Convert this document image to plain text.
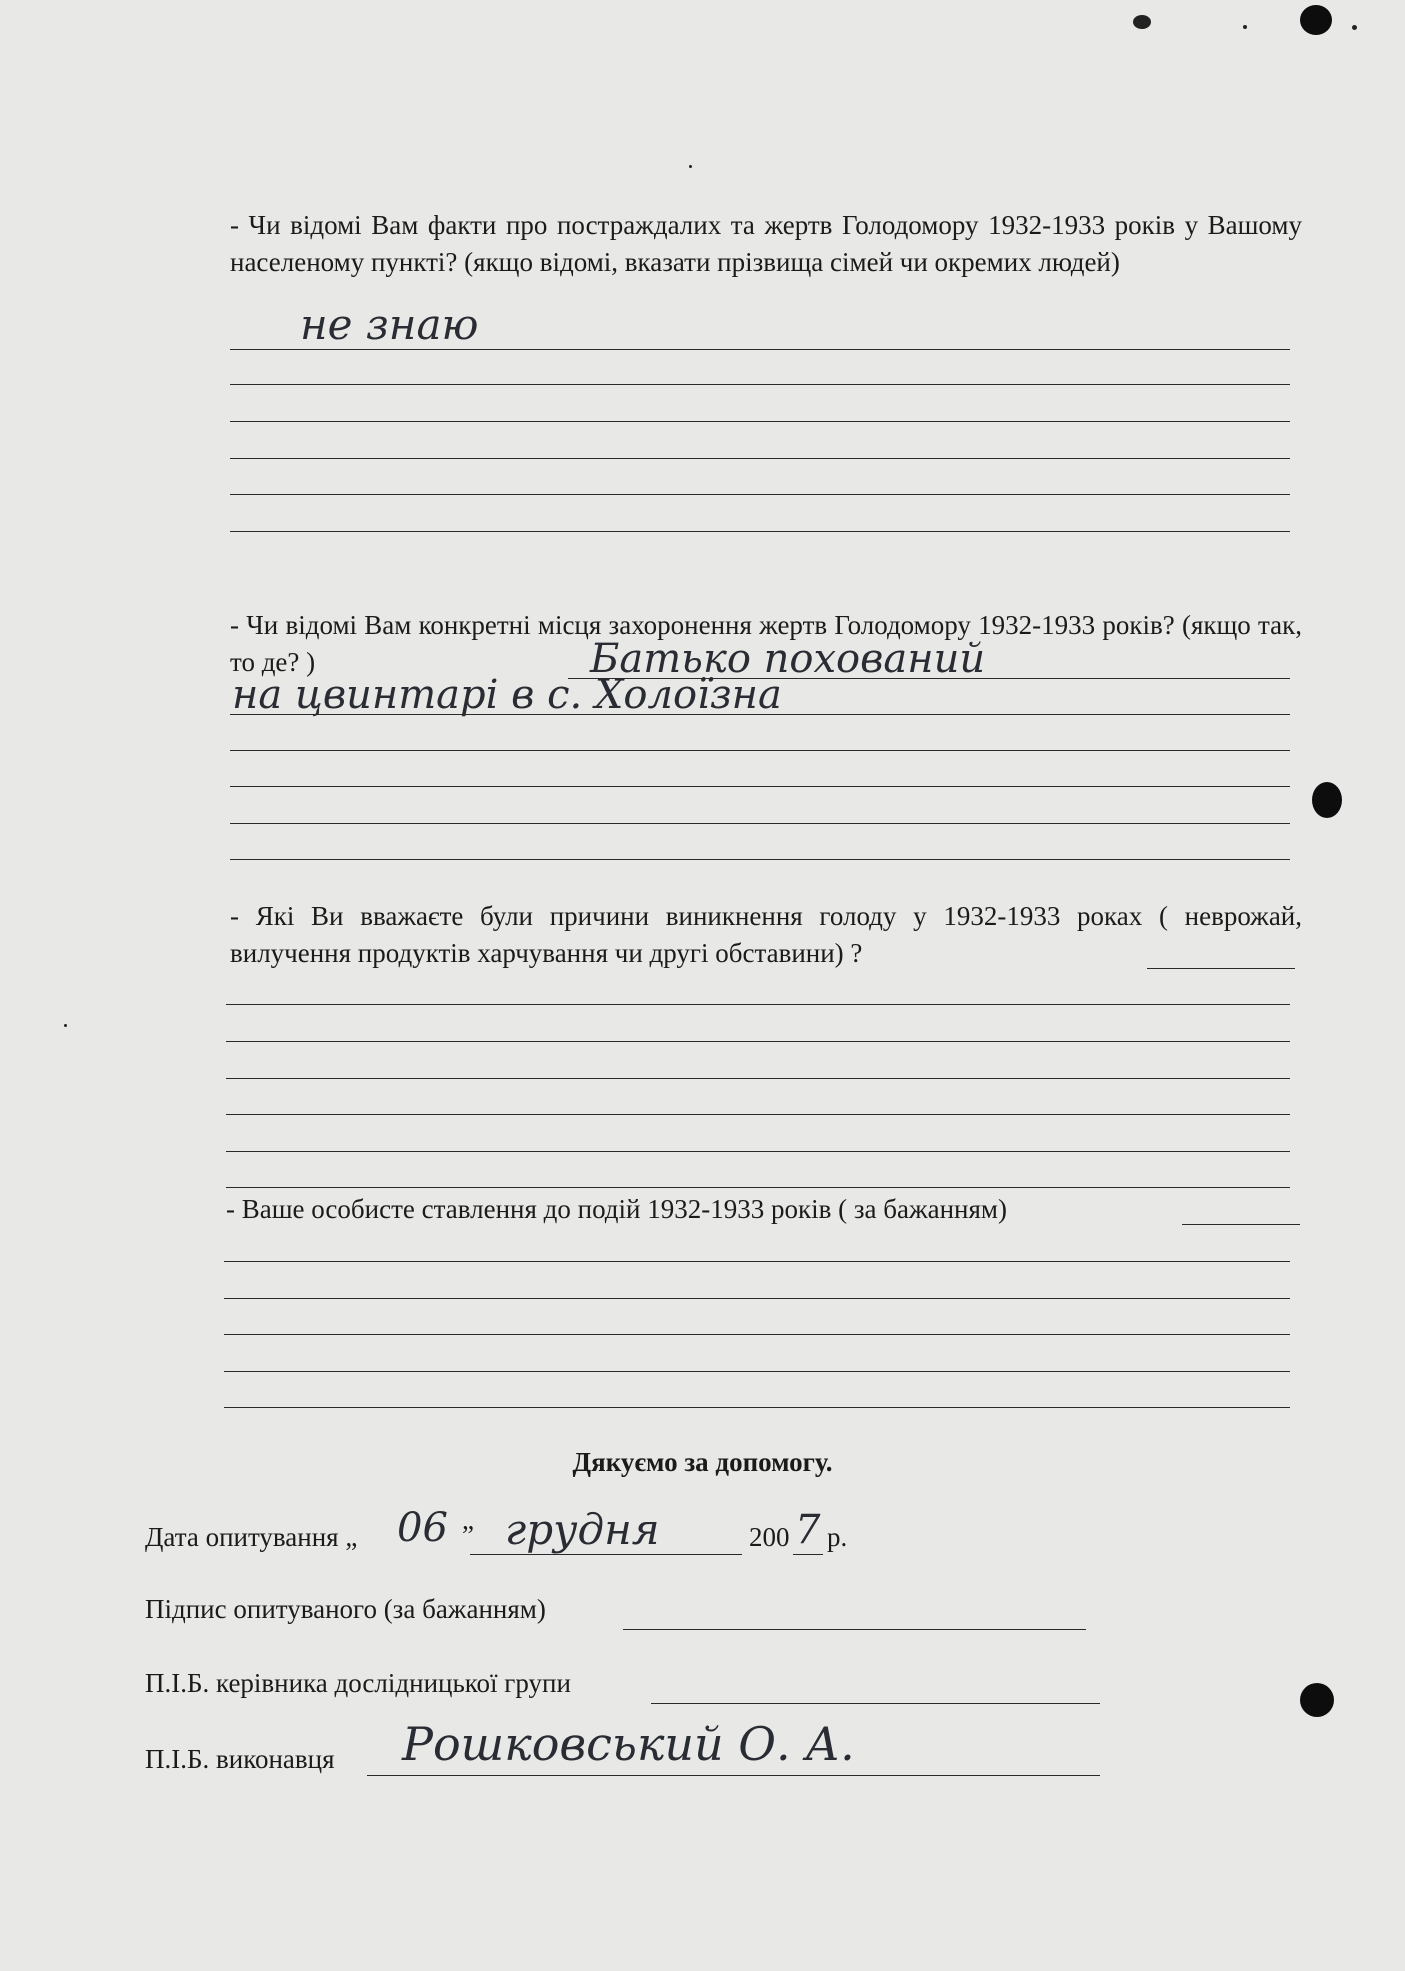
- Чи відомі Вам факти про постраждалих та жертв Голодомору 1932-1933 років у Вашому населеному пункті? (якщо відомі, вказати прізвища сімей чи окремих людей)
не знаю
- Чи відомі Вам конкретні місця захоронення жертв Голодомору 1932-1933 років? (якщо так, то де? )	Батько похований
на цвинтарі в с. Холоїзна
- Які Ви вважаєте були причини виникнення голоду у 1932-1933 роках ( неврожай, вилучення продуктів харчування чи другі обставини) ?
- Ваше особисте ставлення до подій 1932-1933 років ( за бажанням)
Дякуємо за допомогу.
Дата опитування „ 06 ” грудня	200 7 р.
Підпис опитуваного (за бажанням)
П.І.Б. керівника дослідницької групи
П.І.Б. виконавця Рошковський О. А.
